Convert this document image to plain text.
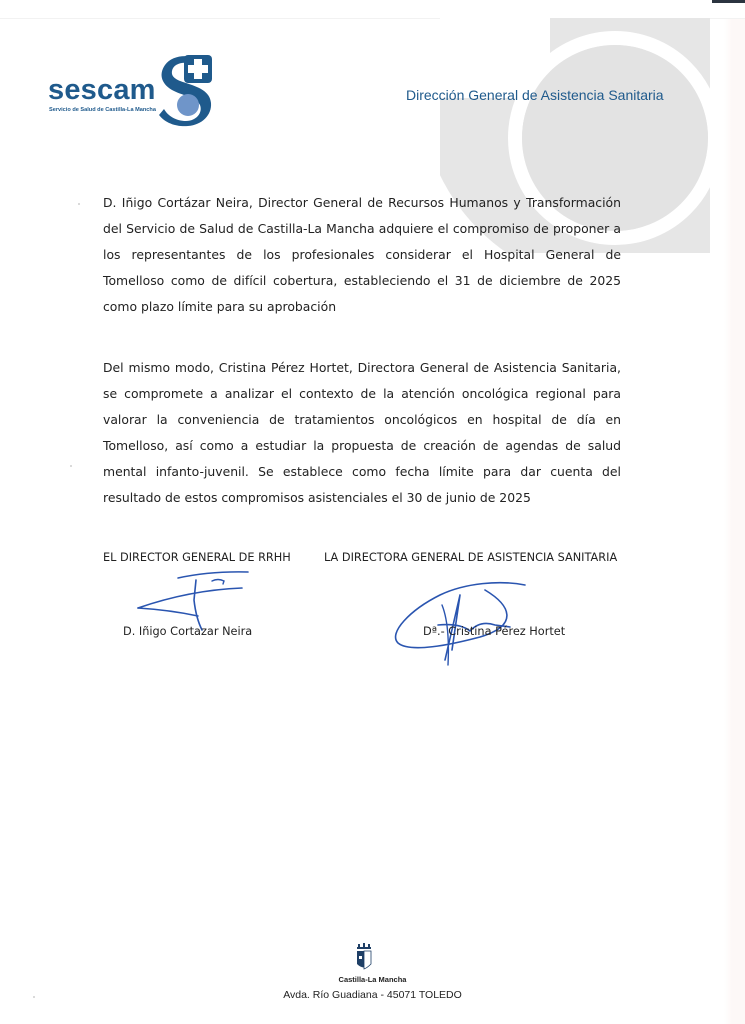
sescam
Servicio de Salud de Castilla-La Mancha
Dirección General de Asistencia Sanitaria

D. Iñigo Cortázar Neira, Director General de Recursos Humanos y Transformación del Servicio de Salud de Castilla-La Mancha adquiere el compromiso de proponer a los representantes de los profesionales considerar el Hospital General de Tomelloso como de difícil cobertura, estableciendo el 31 de diciembre de 2025 como plazo límite para su aprobación

Del mismo modo, Cristina Pérez Hortet, Directora General de Asistencia Sanitaria, se compromete a analizar el contexto de la atención oncológica regional para valorar la conveniencia de tratamientos oncológicos en hospital de día en Tomelloso, así como a estudiar la propuesta de creación de agendas de salud mental infanto-juvenil. Se establece como fecha límite para dar cuenta del resultado de estos compromisos asistenciales el 30 de junio de 2025

EL DIRECTOR GENERAL DE RRHH	LA DIRECTORA GENERAL DE ASISTENCIA SANITARIA
D. Iñigo Cortazar Neira	Dª.- Cristina Pérez Hortet
Castilla-La Mancha
Avda. Río Guadiana - 45071 TOLEDO
